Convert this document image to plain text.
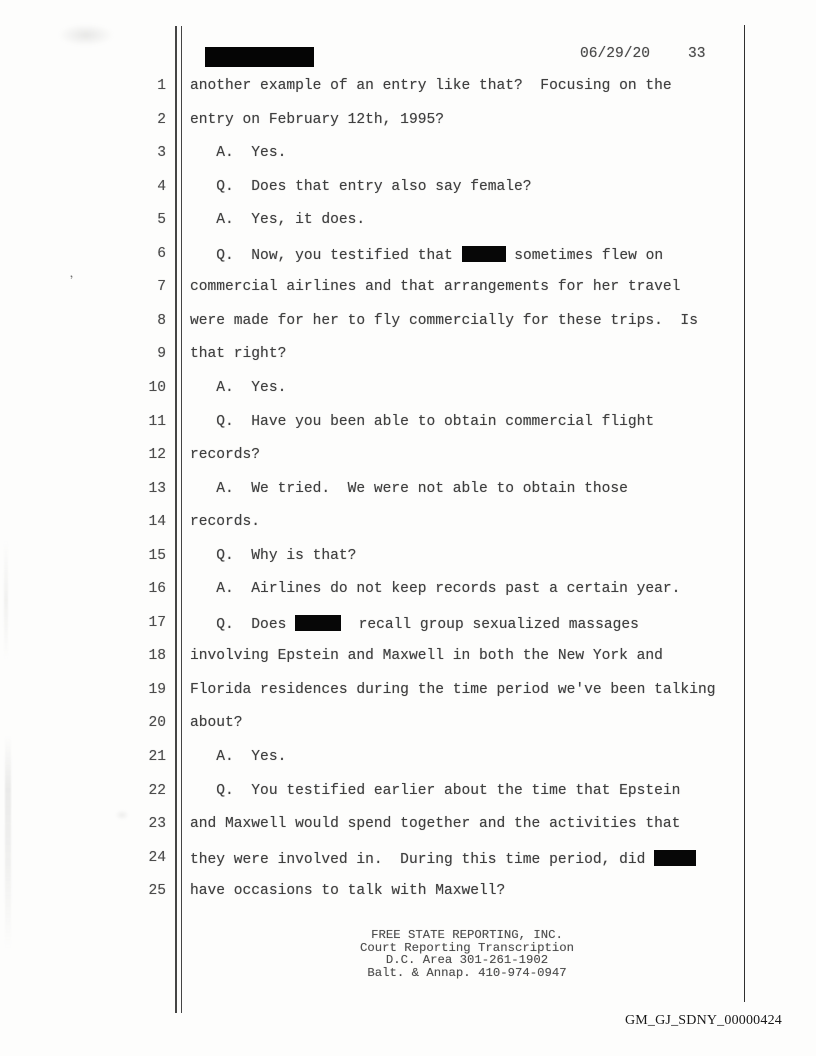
’
06/29/20	33
1 another example of an entry like that?  Focusing on the
2 entry on February 12th, 1995?
3 A.  Yes.
4 Q.  Does that entry also say female?
5 A.  Yes, it does.
6 Q.  Now, you testified that	sometimes flew on
7 commercial airlines and that arrangements for her travel
8 were made for her to fly commercially for these trips.  Is
9 that right?
10 A.  Yes.
11 Q.  Have you been able to obtain commercial flight
12 records?
13 A.  We tried.  We were not able to obtain those
14 records.
15 Q.  Why is that?
16 A.  Airlines do not keep records past a certain year.
17 Q.  Does	recall group sexualized massages
18 involving Epstein and Maxwell in both the New York and
19 Florida residences during the time period we've been talking
20 about?
21 A.  Yes.
22 Q.  You testified earlier about the time that Epstein
23 and Maxwell would spend together and the activities that
24 they were involved in.  During this time period, did
25 have occasions to talk with Maxwell?
FREE STATE REPORTING, INC.
Court Reporting Transcription
D.C. Area 301-261-1902
Balt. & Annap. 410-974-0947
GM_GJ_SDNY_00000424
